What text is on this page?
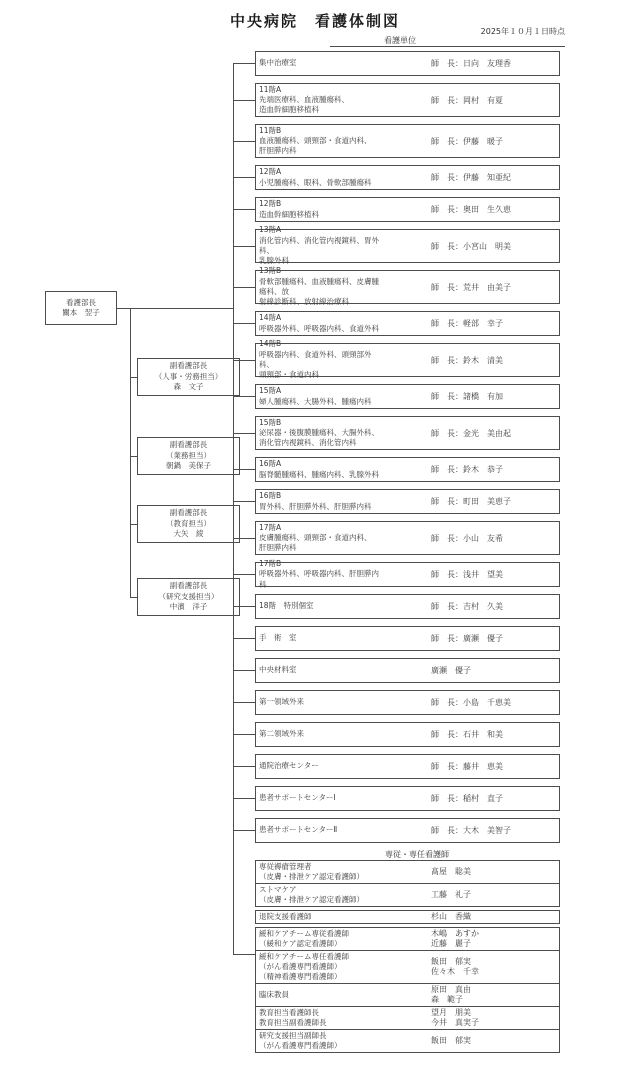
中央病院　看護体制図
2025年１０月１日時点
看護単位
専従・専任看護師
看護部長
關本　翌子
副看護部長
（人事・労務担当）
森　文子
副看護部長
（業務担当）
朝鍋　美保子
副看護部長
（教育担当）
大矢　綾
副看護部長
（研究支援担当）
中濱　洋子
集中治療室	師　長：日向　友理香
11階A
先端医療科、血液腫瘍科、
造血幹細胞移植科
師　長：岡村　有夏
11階B
血液腫瘍科、頭頸部・食道内科、
肝胆膵内科
師　長：伊藤　暖子
12階A
小児腫瘍科、眼科、骨軟部腫瘍科	師　長：伊藤　知亜紀
12階B
造血幹細胞移植科	師　長：奥田　生久恵
13階A
消化管内科、消化管内視鏡科、胃外科、
乳腺外科
師　長：小宮山　明美
13階B
骨軟部腫瘍科、血液腫瘍科、皮膚腫瘍科、放
射線診断科、放射線治療科
師　長：荒井　由美子
14階A
呼吸器外科、呼吸器内科、食道外科	師　長：軽部　幸子
14階B
呼吸器内科、食道外科、頭頸部外科、
頭頸部・食道内科
師　長：鈴木　清美
15階A
婦人腫瘍科、大腸外科、腫瘍内科	師　長：諸橋　有加
15階B
泌尿器・後腹膜腫瘍科、大腸外科、
消化管内視鏡科、消化管内科
師　長：金光　美由起
16階A
脳脊髄腫瘍科、腫瘍内科、乳腺外科	師　長：鈴木　恭子
16階B
胃外科、肝胆膵外科、肝胆膵内科	師　長：町田　美恵子
17階A
皮膚腫瘍科、頭頸部・食道内科、
肝胆膵内科
師　長：小山　友希
17階B
呼吸器外科、呼吸器内科、肝胆膵内科
師　長：浅井　望美
18階　特別個室	師　長：吉村　久美
手　術　室	師　長：廣瀬　優子
中央材料室	廣瀬　優子
第一領域外来	師　長：小島　千恵美
第二領域外来	師　長：石井　和美
通院治療センター	師　長：藤井　恵美
患者サポートセンターⅠ	師　長：稲村　直子
患者サポートセンターⅡ	師　長：大木　美智子
専従褥瘡管理者
（皮膚・排泄ケア認定看護師）
髙屋　聡美
ストマケア
（皮膚・排泄ケア認定看護師）
工藤　礼子
退院支援看護師	杉山　香織
緩和ケアチーム専従看護師
（緩和ケア認定看護師）
木嶋　あすか
近藤　麗子
緩和ケアチーム専任看護師
（がん看護専門看護師）
（精神看護専門看護師）
飯田　郁実
佐々木　千幸
臨床教員
原田　真由
森　範子
教育担当看護師長
教育担当副看護師長
望月　朋美
今井　真実子
研究支援担当副師長
（がん看護専門看護師）
飯田　郁実
